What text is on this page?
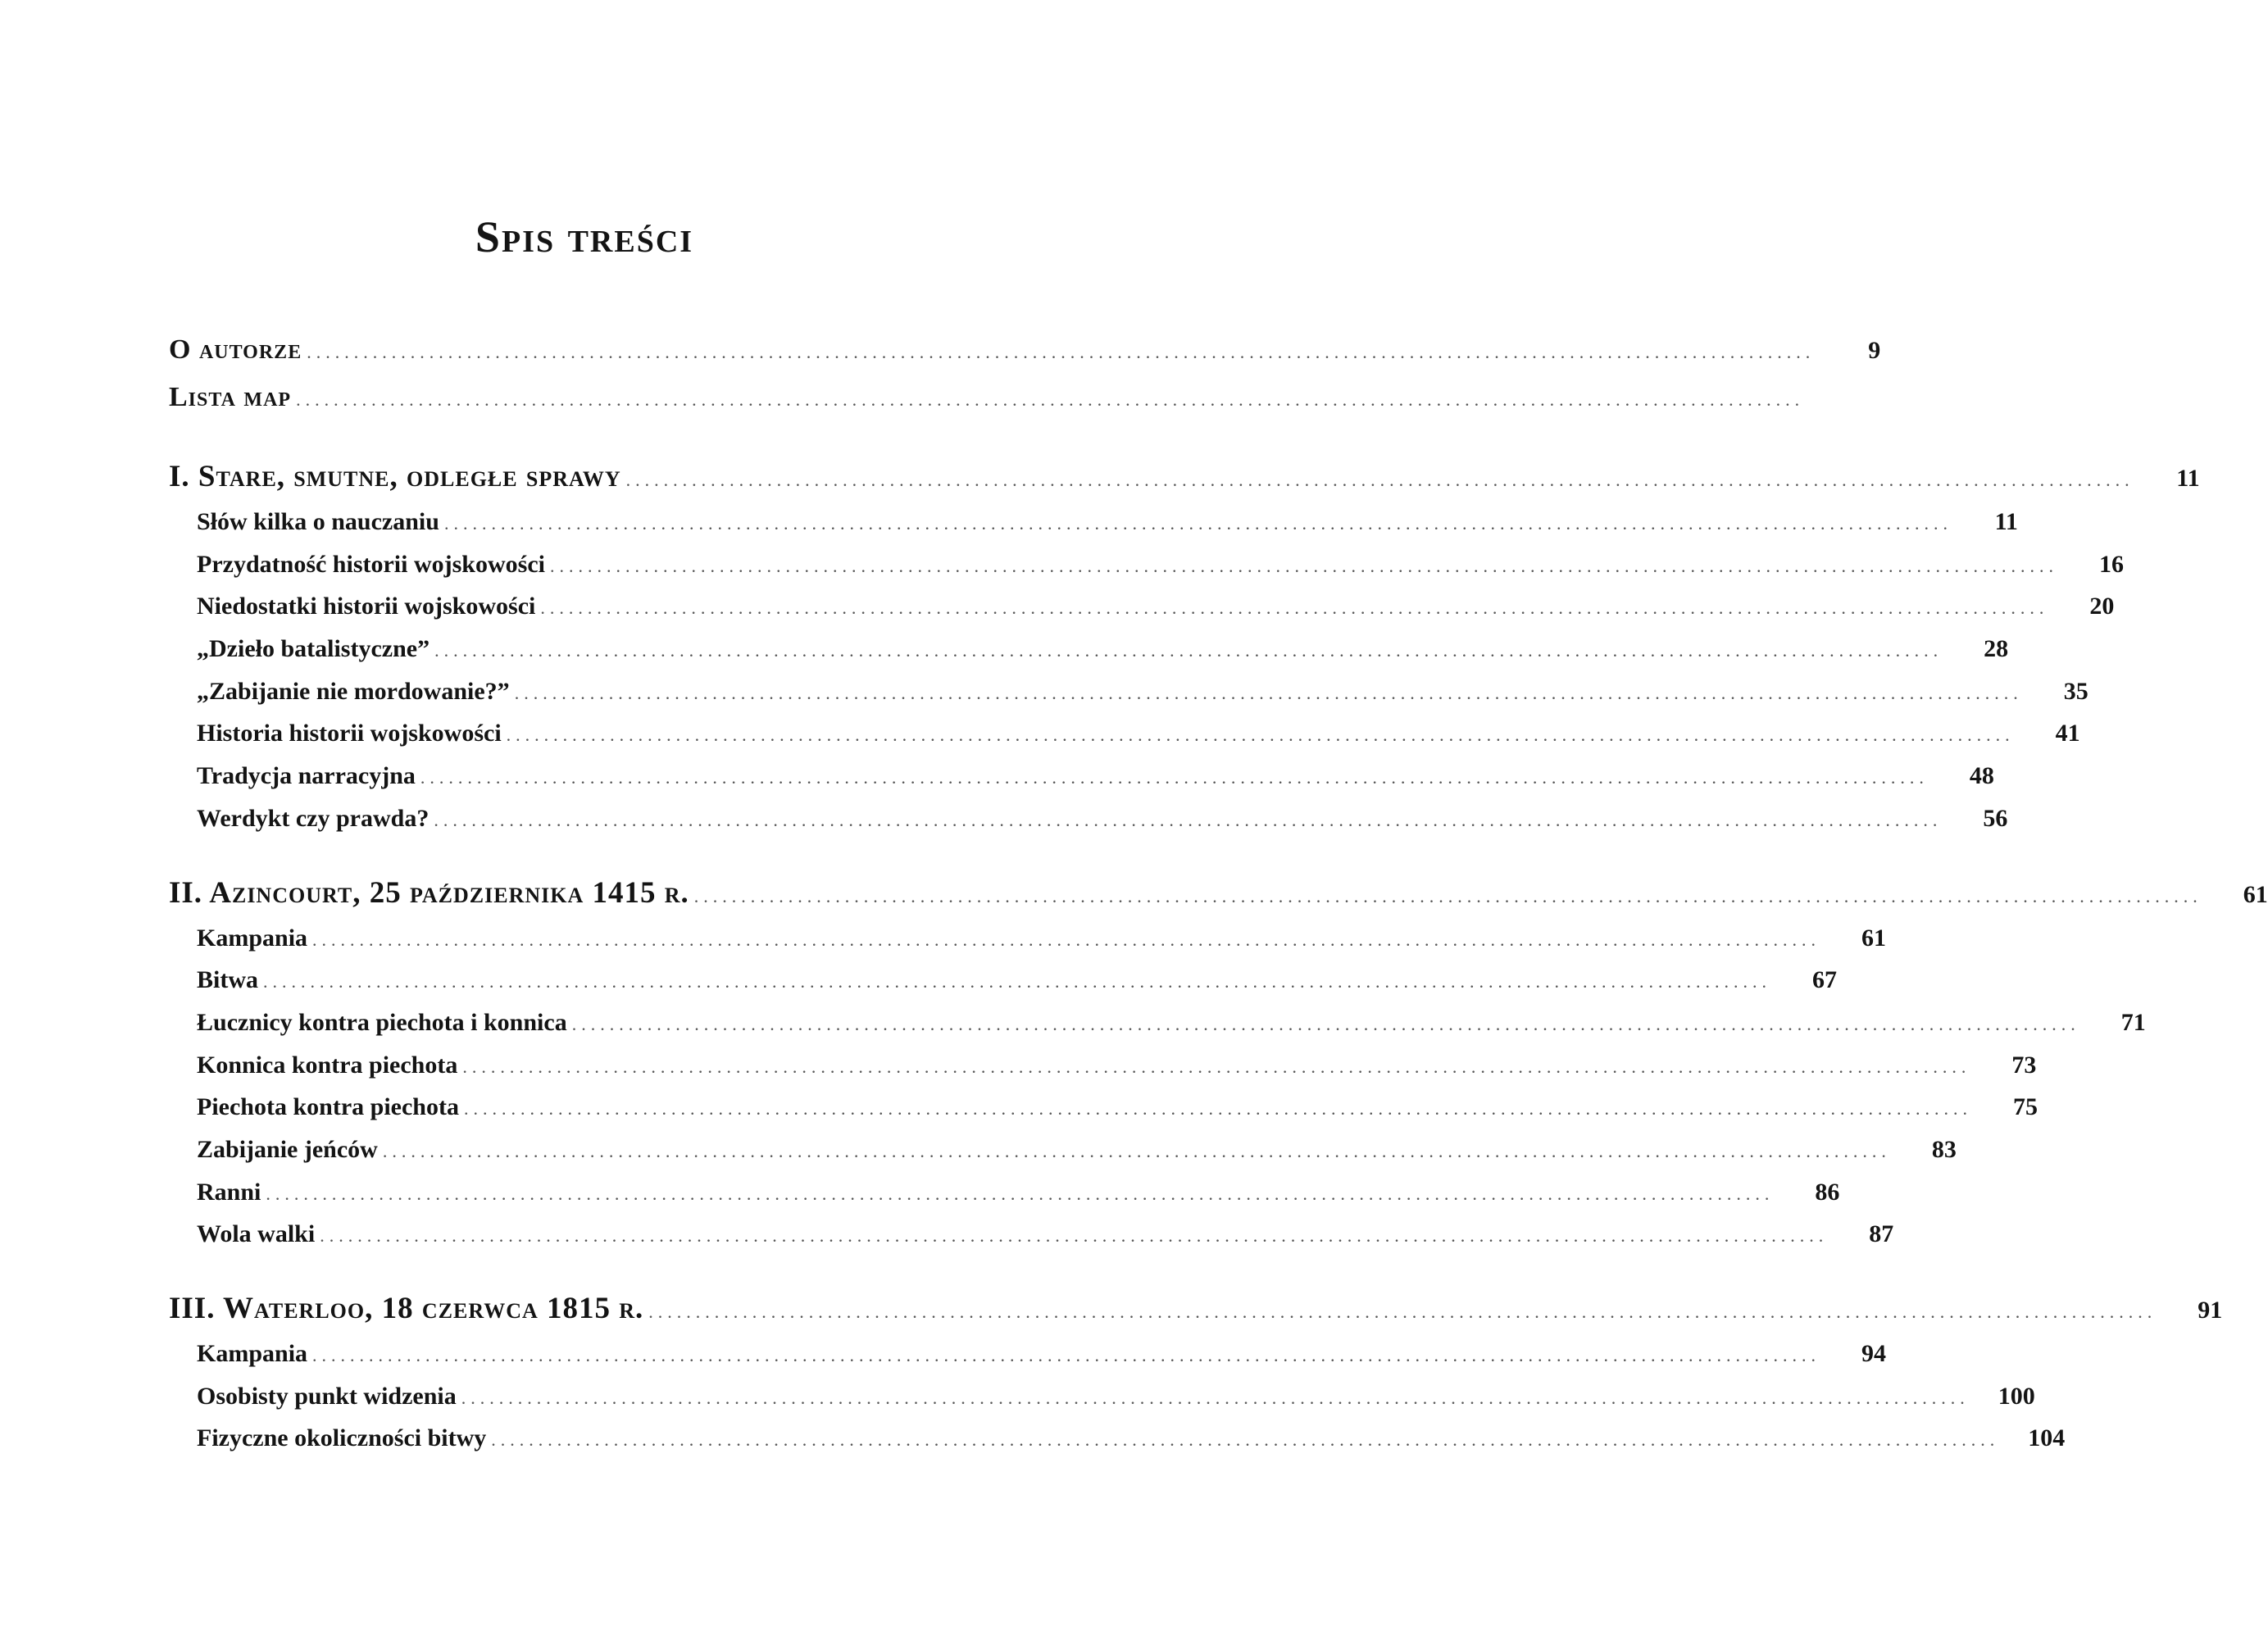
Spis treści
O autorze ................................................................................................................................................................	9
Lista map ................................................................................................................................................................
I. Stare, smutne, odległe sprawy ................................................................................................................................................................	11
Słów kilka o nauczaniu ................................................................................................................................................................	11
Przydatność historii wojskowości ................................................................................................................................................................	16
Niedostatki historii wojskowości ................................................................................................................................................................	20
„Dzieło batalistyczne” ................................................................................................................................................................	28
„Zabijanie nie mordowanie?” ................................................................................................................................................................	35
Historia historii wojskowości ................................................................................................................................................................	41
Tradycja narracyjna ................................................................................................................................................................	48
Werdykt czy prawda? ................................................................................................................................................................	56
II. Azincourt, 25 października 1415 r. ................................................................................................................................................................	61
Kampania ................................................................................................................................................................	61
Bitwa ................................................................................................................................................................	67
Łucznicy kontra piechota i konnica ................................................................................................................................................................	71
Konnica kontra piechota ................................................................................................................................................................	73
Piechota kontra piechota ................................................................................................................................................................	75
Zabijanie jeńców ................................................................................................................................................................	83
Ranni ................................................................................................................................................................	86
Wola walki ................................................................................................................................................................	87
III. Waterloo, 18 czerwca 1815 r. ................................................................................................................................................................	91
Kampania ................................................................................................................................................................	94
Osobisty punkt widzenia ................................................................................................................................................................	100
Fizyczne okoliczności bitwy ................................................................................................................................................................	104
